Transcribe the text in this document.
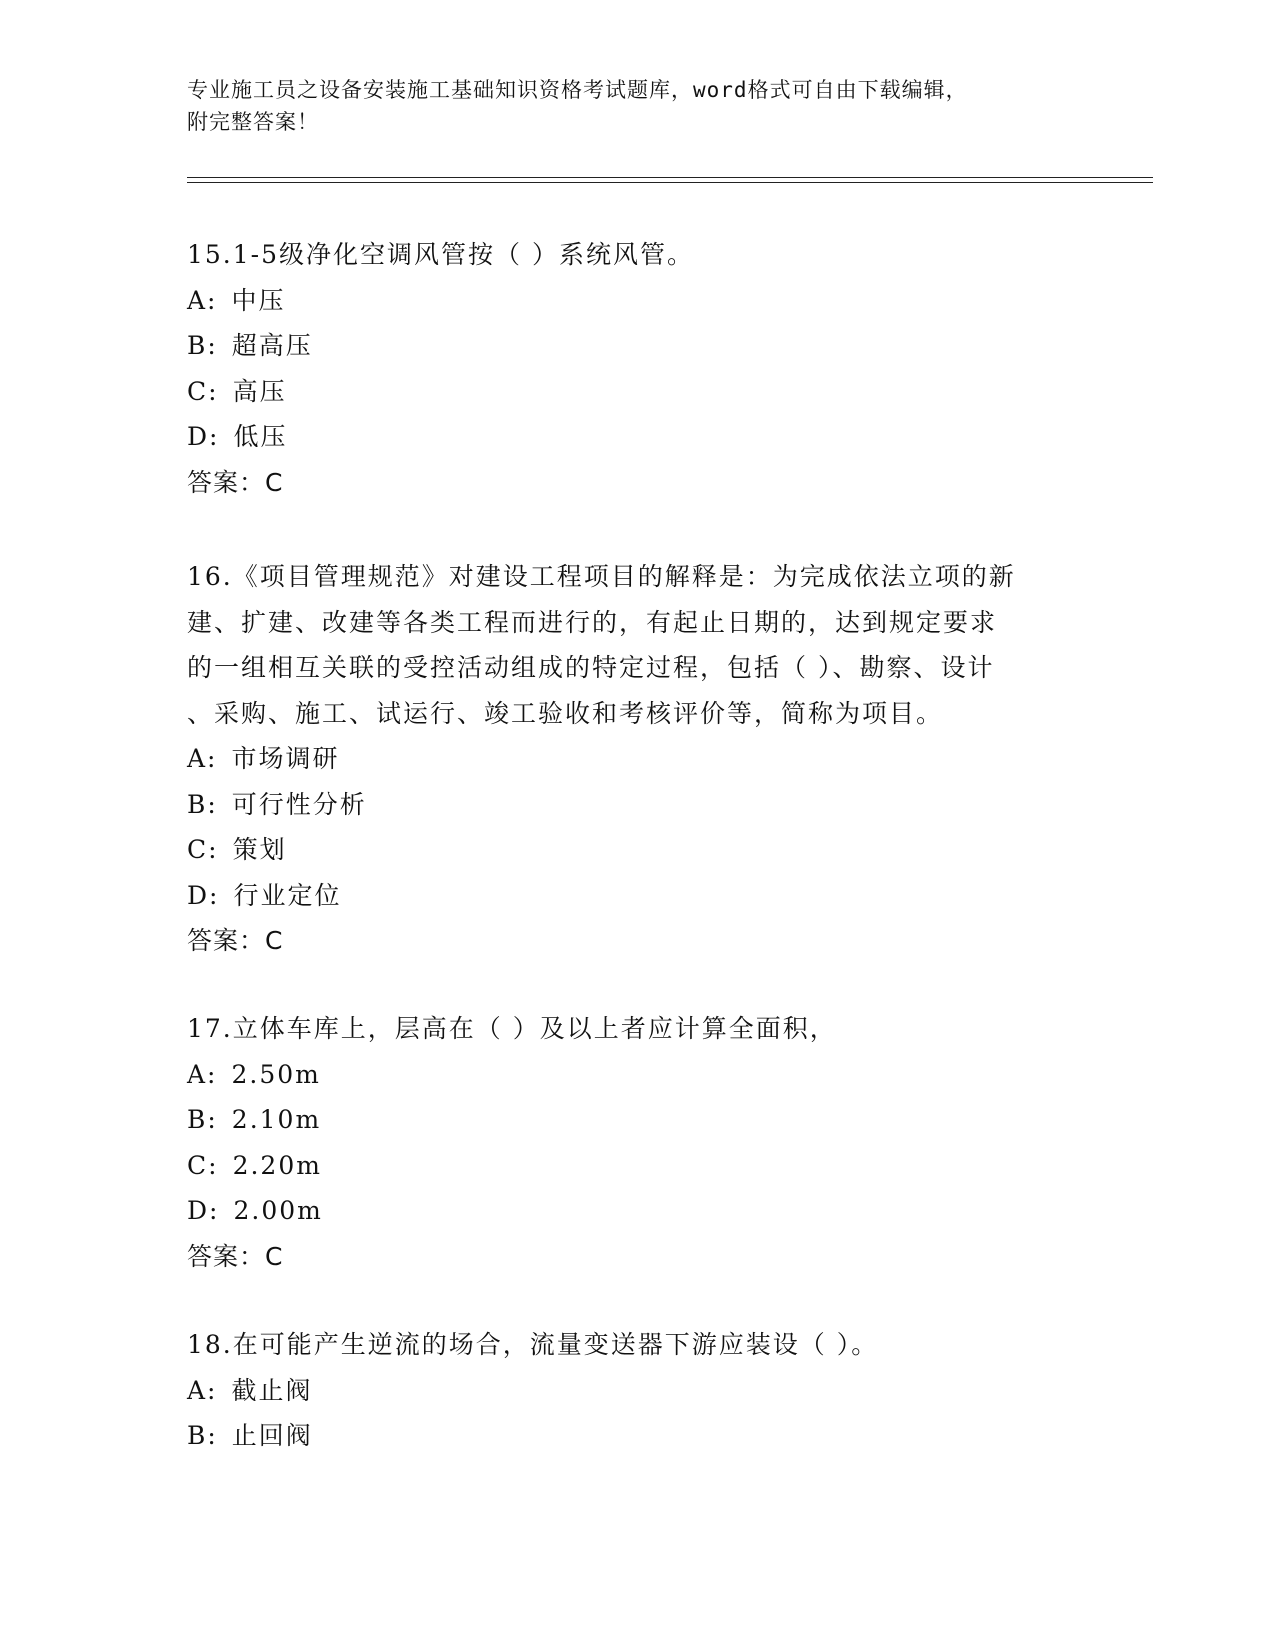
专业施工员之设备安装施工基础知识资格考试题库，word格式可自由下载编辑，
附完整答案！
15.1-5级净化空调风管按（ ）系统风管。
A: 中压
B: 超高压
C: 高压
D: 低压
答案：C
16.《项目管理规范》对建设工程项目的解释是：为完成依法立项的新
建、扩建、改建等各类工程而进行的，有起止日期的，达到规定要求
的一组相互关联的受控活动组成的特定过程，包括（ ）、勘察、设计
、采购、施工、试运行、竣工验收和考核评价等，简称为项目。
A: 市场调研
B: 可行性分析
C: 策划
D: 行业定位
答案：C
17.立体车库上，层高在（ ）及以上者应计算全面积，
A: 2.50m
B: 2.10m
C: 2.20m
D: 2.00m
答案：C
18.在可能产生逆流的场合，流量变送器下游应装设（ ）。
A: 截止阀
B: 止回阀
